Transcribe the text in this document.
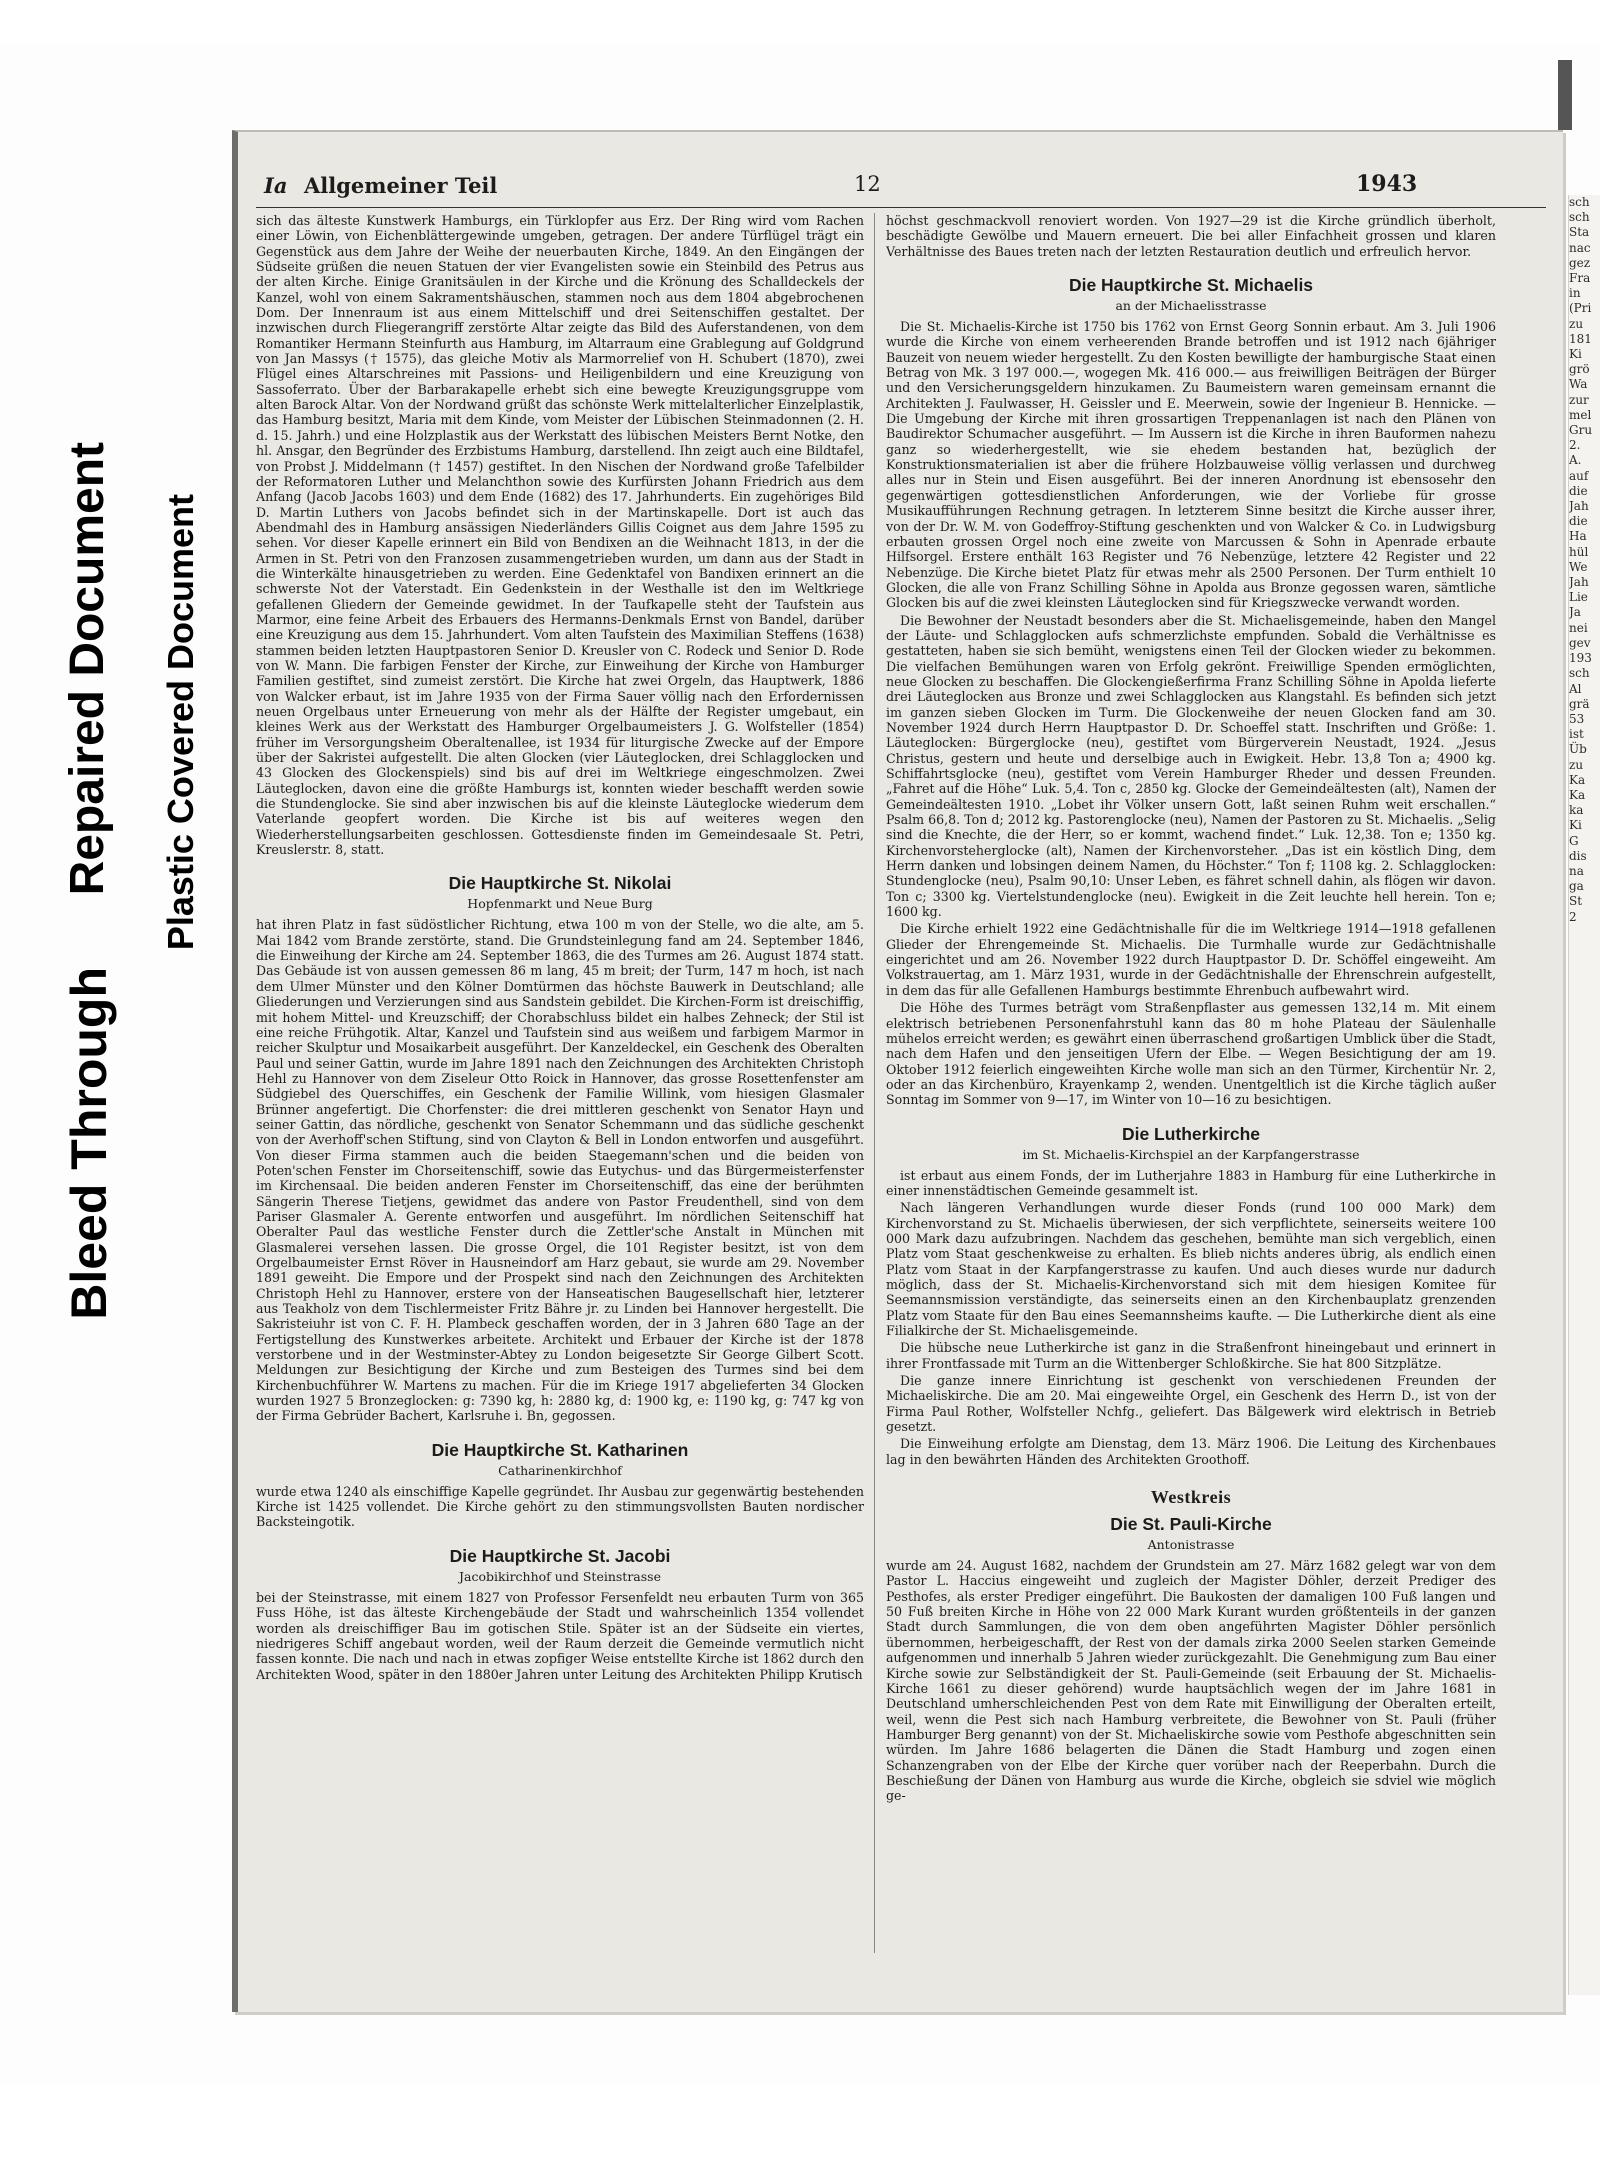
Bleed Through
Repaired Document Plastic Covered Document
Ia Allgemeiner Teil	12	1943

sich das älteste Kunstwerk Hamburgs, ein Türklopfer aus Erz. Der Ring wird vom Rachen einer Löwin, von Eichenblättergewinde umgeben, getragen. Der andere Türflügel trägt ein Gegenstück aus dem Jahre der Weihe der neuerbauten Kirche, 1849. An den Eingängen der Südseite grüßen die neuen Statuen der vier Evangelisten sowie ein Steinbild des Petrus aus der alten Kirche. Einige Granitsäulen in der Kirche und die Krönung des Schalldeckels der Kanzel, wohl von einem Sakramentshäuschen, stammen noch aus dem 1804 abgebrochenen Dom. Der Innenraum ist aus einem Mittelschiff und drei Seitenschiffen gestaltet. Der inzwischen durch Fliegerangriff zerstörte Altar zeigte das Bild des Auferstandenen, von dem Romantiker Hermann Steinfurth aus Hamburg, im Altarraum eine Grablegung auf Goldgrund von Jan Massys († 1575), das gleiche Motiv als Marmorrelief von H. Schubert (1870), zwei Flügel eines Altarschreines mit Passions- und Heiligenbildern und eine Kreuzigung von Sassoferrato. Über der Barbarakapelle erhebt sich eine bewegte Kreuzigungsgruppe vom alten Barock Altar. Von der Nordwand grüßt das schönste Werk mittelalterlicher Einzelplastik, das Hamburg besitzt, Maria mit dem Kinde, vom Meister der Lübischen Steinmadonnen (2. H. d. 15. Jahrh.) und eine Holzplastik aus der Werkstatt des lübischen Meisters Bernt Notke, den hl. Ansgar, den Begründer des Erzbistums Hamburg, darstellend. Ihn zeigt auch eine Bildtafel, von Probst J. Middelmann († 1457) gestiftet. In den Nischen der Nordwand große Tafelbilder der Reformatoren Luther und Melanchthon sowie des Kurfürsten Johann Friedrich aus dem Anfang (Jacob Jacobs 1603) und dem Ende (1682) des 17. Jahrhunderts. Ein zugehöriges Bild D. Martin Luthers von Jacobs befindet sich in der Martinskapelle. Dort ist auch das Abendmahl des in Hamburg ansässigen Niederländers Gillis Coignet aus dem Jahre 1595 zu sehen. Vor dieser Kapelle erinnert ein Bild von Bendixen an die Weihnacht 1813, in der die Armen in St. Petri von den Franzosen zusammengetrieben wurden, um dann aus der Stadt in die Winterkälte hinausgetrieben zu werden. Eine Gedenktafel von Bandixen erinnert an die schwerste Not der Vaterstadt. Ein Gedenkstein in der Westhalle ist den im Weltkriege gefallenen Gliedern der Gemeinde gewidmet. In der Taufkapelle steht der Taufstein aus Marmor, eine feine Arbeit des Erbauers des Hermanns-Denkmals Ernst von Bandel, darüber eine Kreuzigung aus dem 15. Jahrhundert. Vom alten Taufstein des Maximilian Steffens (1638) stammen beiden letzten Hauptpastoren Senior D. Kreusler von C. Rodeck und Senior D. Rode von W. Mann. Die farbigen Fenster der Kirche, zur Einweihung der Kirche von Hamburger Familien gestiftet, sind zumeist zerstört. Die Kirche hat zwei Orgeln, das Hauptwerk, 1886 von Walcker erbaut, ist im Jahre 1935 von der Firma Sauer völlig nach den Erfordernissen neuen Orgelbaus unter Erneuerung von mehr als der Hälfte der Register umgebaut, ein kleines Werk aus der Werkstatt des Hamburger Orgelbaumeisters J. G. Wolfsteller (1854) früher im Versorgungsheim Oberaltenallee, ist 1934 für liturgische Zwecke auf der Empore über der Sakristei aufgestellt. Die alten Glocken (vier Läuteglocken, drei Schlagglocken und 43 Glocken des Glockenspiels) sind bis auf drei im Weltkriege eingeschmolzen. Zwei Läuteglocken, davon eine die größte Hamburgs ist, konnten wieder beschafft werden sowie die Stundenglocke. Sie sind aber inzwischen bis auf die kleinste Läuteglocke wiederum dem Vaterlande geopfert worden. Die Kirche ist bis auf weiteres wegen den Wiederherstellungsarbeiten geschlossen. Gottesdienste finden im Gemeindesaale St. Petri, Kreuslerstr. 8, statt.

Die Hauptkirche St. Nikolai
Hopfenmarkt und Neue Burg

hat ihren Platz in fast südöstlicher Richtung, etwa 100 m von der Stelle, wo die alte, am 5. Mai 1842 vom Brande zerstörte, stand. Die Grundsteinlegung fand am 24. September 1846, die Einweihung der Kirche am 24. September 1863, die des Turmes am 26. August 1874 statt. Das Gebäude ist von aussen gemessen 86 m lang, 45 m breit; der Turm, 147 m hoch, ist nach dem Ulmer Münster und den Kölner Domtürmen das höchste Bauwerk in Deutschland; alle Gliederungen und Verzierungen sind aus Sandstein gebildet. Die Kirchen-Form ist dreischiffig, mit hohem Mittel- und Kreuzschiff; der Chorabschluss bildet ein halbes Zehneck; der Stil ist eine reiche Frühgotik. Altar, Kanzel und Taufstein sind aus weißem und farbigem Marmor in reicher Skulptur und Mosaikarbeit ausgeführt. Der Kanzeldeckel, ein Geschenk des Oberalten Paul und seiner Gattin, wurde im Jahre 1891 nach den Zeichnungen des Architekten Christoph Hehl zu Hannover von dem Ziseleur Otto Roick in Hannover, das grosse Rosettenfenster am Südgiebel des Querschiffes, ein Geschenk der Familie Willink, vom hiesigen Glasmaler Brünner angefertigt. Die Chorfenster: die drei mittleren geschenkt von Senator Hayn und seiner Gattin, das nördliche, geschenkt von Senator Schemmann und das südliche geschenkt von der Averhoff'schen Stiftung, sind von Clayton & Bell in London entworfen und ausgeführt. Von dieser Firma stammen auch die beiden Staegemann'schen und die beiden von Poten'schen Fenster im Chorseitenschiff, sowie das Eutychus- und das Bürgermeisterfenster im Kirchensaal. Die beiden anderen Fenster im Chorseitenschiff, das eine der berühmten Sängerin Therese Tietjens, gewidmet das andere von Pastor Freudenthell, sind von dem Pariser Glasmaler A. Gerente entworfen und ausgeführt. Im nördlichen Seitenschiff hat Oberalter Paul das westliche Fenster durch die Zettler'sche Anstalt in München mit Glasmalerei versehen lassen. Die grosse Orgel, die 101 Register besitzt, ist von dem Orgelbaumeister Ernst Röver in Hausneindorf am Harz gebaut, sie wurde am 29. November 1891 geweiht. Die Empore und der Prospekt sind nach den Zeichnungen des Architekten Christoph Hehl zu Hannover, erstere von der Hanseatischen Baugesellschaft hier, letzterer aus Teakholz von dem Tischlermeister Fritz Bähre jr. zu Linden bei Hannover hergestellt. Die Sakristeiuhr ist von C. F. H. Plambeck geschaffen worden, der in 3 Jahren 680 Tage an der Fertigstellung des Kunstwerkes arbeitete. Architekt und Erbauer der Kirche ist der 1878 verstorbene und in der Westminster-Abtey zu London beigesetzte Sir George Gilbert Scott. Meldungen zur Besichtigung der Kirche und zum Besteigen des Turmes sind bei dem Kirchenbuchführer W. Martens zu machen. Für die im Kriege 1917 abgelieferten 34 Glocken wurden 1927 5 Bronzeglocken: g: 7390 kg, h: 2880 kg, d: 1900 kg, e: 1190 kg, g: 747 kg von der Firma Gebrüder Bachert, Karlsruhe i. Bn, gegossen.

Die Hauptkirche St. Katharinen
Catharinenkirchhof

wurde etwa 1240 als einschiffige Kapelle gegründet. Ihr Ausbau zur gegenwärtig bestehenden Kirche ist 1425 vollendet. Die Kirche gehört zu den stimmungsvollsten Bauten nordischer Backsteingotik.

Die Hauptkirche St. Jacobi
Jacobikirchhof und Steinstrasse

bei der Steinstrasse, mit einem 1827 von Professor Fersenfeldt neu erbauten Turm von 365 Fuss Höhe, ist das älteste Kirchengebäude der Stadt und wahrscheinlich 1354 vollendet worden als dreischiffiger Bau im gotischen Stile. Später ist an der Südseite ein viertes, niedrigeres Schiff angebaut worden, weil der Raum derzeit die Gemeinde vermutlich nicht fassen konnte. Die nach und nach in etwas zopfiger Weise entstellte Kirche ist 1862 durch den Architekten Wood, später in den 1880er Jahren unter Leitung des Architekten Philipp Krutisch

höchst geschmackvoll renoviert worden. Von 1927—29 ist die Kirche gründlich überholt, beschädigte Gewölbe und Mauern erneuert. Die bei aller Einfachheit grossen und klaren Verhältnisse des Baues treten nach der letzten Restauration deutlich und erfreulich hervor.

Die Hauptkirche St. Michaelis
an der Michaelisstrasse

Die St. Michaelis-Kirche ist 1750 bis 1762 von Ernst Georg Sonnin erbaut. Am 3. Juli 1906 wurde die Kirche von einem verheerenden Brande betroffen und ist 1912 nach 6jähriger Bauzeit von neuem wieder hergestellt. Zu den Kosten bewilligte der hamburgische Staat einen Betrag von Mk. 3 197 000.—, wogegen Mk. 416 000.— aus freiwilligen Beiträgen der Bürger und den Versicherungsgeldern hinzukamen. Zu Baumeistern waren gemeinsam ernannt die Architekten J. Faulwasser, H. Geissler und E. Meerwein, sowie der Ingenieur B. Hennicke. — Die Umgebung der Kirche mit ihren grossartigen Treppenanlagen ist nach den Plänen von Baudirektor Schumacher ausgeführt. — Im Aussern ist die Kirche in ihren Bauformen nahezu ganz so wiederhergestellt, wie sie ehedem bestanden hat, bezüglich der Konstruktionsmaterialien ist aber die frühere Holzbauweise völlig verlassen und durchweg alles nur in Stein und Eisen ausgeführt. Bei der inneren Anordnung ist ebensosehr den gegenwärtigen gottesdienstlichen Anforderungen, wie der Vorliebe für grosse Musikaufführungen Rechnung getragen. In letzterem Sinne besitzt die Kirche ausser ihrer, von der Dr. W. M. von Godeffroy-Stiftung geschenkten und von Walcker & Co. in Ludwigsburg erbauten grossen Orgel noch eine zweite von Marcussen & Sohn in Apenrade erbaute Hilfsorgel. Erstere enthält 163 Register und 76 Nebenzüge, letztere 42 Register und 22 Nebenzüge. Die Kirche bietet Platz für etwas mehr als 2500 Personen. Der Turm enthielt 10 Glocken, die alle von Franz Schilling Söhne in Apolda aus Bronze gegossen waren, sämtliche Glocken bis auf die zwei kleinsten Läuteglocken sind für Kriegszwecke verwandt worden.

Die Bewohner der Neustadt besonders aber die St. Michaelisgemeinde, haben den Mangel der Läute- und Schlagglocken aufs schmerzlichste empfunden. Sobald die Verhältnisse es gestatteten, haben sie sich bemüht, wenigstens einen Teil der Glocken wieder zu bekommen. Die vielfachen Bemühungen waren von Erfolg gekrönt. Freiwillige Spenden ermöglichten, neue Glocken zu beschaffen. Die Glockengießerfirma Franz Schilling Söhne in Apolda lieferte drei Läuteglocken aus Bronze und zwei Schlagglocken aus Klangstahl. Es befinden sich jetzt im ganzen sieben Glocken im Turm. Die Glockenweihe der neuen Glocken fand am 30. November 1924 durch Herrn Hauptpastor D. Dr. Schoeffel statt. Inschriften und Größe: 1. Läuteglocken: Bürgerglocke (neu), gestiftet vom Bürgerverein Neustadt, 1924. „Jesus Christus, gestern und heute und derselbige auch in Ewigkeit. Hebr. 13,8 Ton a; 4900 kg. Schiffahrtsglocke (neu), gestiftet vom Verein Hamburger Rheder und dessen Freunden. „Fahret auf die Höhe“ Luk. 5,4. Ton c, 2850 kg. Glocke der Gemeindeältesten (alt), Namen der Gemeindeältesten 1910. „Lobet ihr Völker unsern Gott, laßt seinen Ruhm weit erschallen.“ Psalm 66,8. Ton d; 2012 kg. Pastorenglocke (neu), Namen der Pastoren zu St. Michaelis. „Selig sind die Knechte, die der Herr, so er kommt, wachend findet.“ Luk. 12,38. Ton e; 1350 kg. Kirchenvorsteherglocke (alt), Namen der Kirchenvorsteher. „Das ist ein köstlich Ding, dem Herrn danken und lobsingen deinem Namen, du Höchster.“ Ton f; 1108 kg. 2. Schlagglocken: Stundenglocke (neu), Psalm 90,10: Unser Leben, es fähret schnell dahin, als flögen wir davon. Ton c; 3300 kg. Viertelstundenglocke (neu). Ewigkeit in die Zeit leuchte hell herein. Ton e; 1600 kg.

Die Kirche erhielt 1922 eine Gedächtnishalle für die im Weltkriege 1914—1918 gefallenen Glieder der Ehrengemeinde St. Michaelis. Die Turmhalle wurde zur Gedächtnishalle eingerichtet und am 26. November 1922 durch Hauptpastor D. Dr. Schöffel eingeweiht. Am Volkstrauertag, am 1. März 1931, wurde in der Gedächtnishalle der Ehrenschrein aufgestellt, in dem das für alle Gefallenen Hamburgs bestimmte Ehrenbuch aufbewahrt wird.

Die Höhe des Turmes beträgt vom Straßenpflaster aus gemessen 132,14 m. Mit einem elektrisch betriebenen Personenfahrstuhl kann das 80 m hohe Plateau der Säulenhalle mühelos erreicht werden; es gewährt einen überraschend großartigen Umblick über die Stadt, nach dem Hafen und den jenseitigen Ufern der Elbe. — Wegen Besichtigung der am 19. Oktober 1912 feierlich eingeweihten Kirche wolle man sich an den Türmer, Kirchentür Nr. 2, oder an das Kirchenbüro, Krayenkamp 2, wenden. Unentgeltlich ist die Kirche täglich außer Sonntag im Sommer von 9—17, im Winter von 10—16 zu besichtigen.

Die Lutherkirche
im St. Michaelis-Kirchspiel an der Karpfangerstrasse

ist erbaut aus einem Fonds, der im Lutherjahre 1883 in Hamburg für eine Lutherkirche in einer innenstädtischen Gemeinde gesammelt ist.

Nach längeren Verhandlungen wurde dieser Fonds (rund 100 000 Mark) dem Kirchenvorstand zu St. Michaelis überwiesen, der sich verpflichtete, seinerseits weitere 100 000 Mark dazu aufzubringen. Nachdem das geschehen, bemühte man sich vergeblich, einen Platz vom Staat geschenkweise zu erhalten. Es blieb nichts anderes übrig, als endlich einen Platz vom Staat in der Karpfangerstrasse zu kaufen. Und auch dieses wurde nur dadurch möglich, dass der St. Michaelis-Kirchenvorstand sich mit dem hiesigen Komitee für Seemannsmission verständigte, das seinerseits einen an den Kirchenbauplatz grenzenden Platz vom Staate für den Bau eines Seemannsheims kaufte. — Die Lutherkirche dient als eine Filialkirche der St. Michaelisgemeinde.

Die hübsche neue Lutherkirche ist ganz in die Straßenfront hineingebaut und erinnert in ihrer Frontfassade mit Turm an die Wittenberger Schloßkirche. Sie hat 800 Sitzplätze.

Die ganze innere Einrichtung ist geschenkt von verschiedenen Freunden der Michaeliskirche. Die am 20. Mai eingeweihte Orgel, ein Geschenk des Herrn D., ist von der Firma Paul Rother, Wolfsteller Nchfg., geliefert. Das Bälgewerk wird elektrisch in Betrieb gesetzt.

Die Einweihung erfolgte am Dienstag, dem 13. März 1906. Die Leitung des Kirchenbaues lag in den bewährten Händen des Architekten Groothoff.

Westkreis
Die St. Pauli-Kirche
Antonistrasse

wurde am 24. August 1682, nachdem der Grundstein am 27. März 1682 gelegt war von dem Pastor L. Haccius eingeweiht und zugleich der Magister Döhler, derzeit Prediger des Pesthofes, als erster Prediger eingeführt. Die Baukosten der damaligen 100 Fuß langen und 50 Fuß breiten Kirche in Höhe von 22 000 Mark Kurant wurden größtenteils in der ganzen Stadt durch Sammlungen, die von dem oben angeführten Magister Döhler persönlich übernommen, herbeigeschafft, der Rest von der damals zirka 2000 Seelen starken Gemeinde aufgenommen und innerhalb 5 Jahren wieder zurückgezahlt. Die Genehmigung zum Bau einer Kirche sowie zur Selbständigkeit der St. Pauli-Gemeinde (seit Erbauung der St. Michaelis-Kirche 1661 zu dieser gehörend) wurde hauptsächlich wegen der im Jahre 1681 in Deutschland umherschleichenden Pest von dem Rate mit Einwilligung der Oberalten erteilt, weil, wenn die Pest sich nach Hamburg verbreitete, die Bewohner von St. Pauli (früher Hamburger Berg genannt) von der St. Michaeliskirche sowie vom Pesthofe abgeschnitten sein würden. Im Jahre 1686 belagerten die Dänen die Stadt Hamburg und zogen einen Schanzengraben von der Elbe der Kirche quer vorüber nach der Reeperbahn. Durch die Beschießung der Dänen von Hamburg aus wurde die Kirche, obgleich sie sdviel wie möglich ge-

sch
sch
Sta
nac
gez
Fra
in
(Pri
zu
181
Ki
grö
Wa
zur
mel
Gru
2.
A.
auf
die
Jah
die
Ha
hül
We
Jah
Lie
Ja
nei
gev
193
sch
Al
grä
53
ist
Üb
zu
Ka
Ka
ka
Ki
G
dis
na
ga
St
2
